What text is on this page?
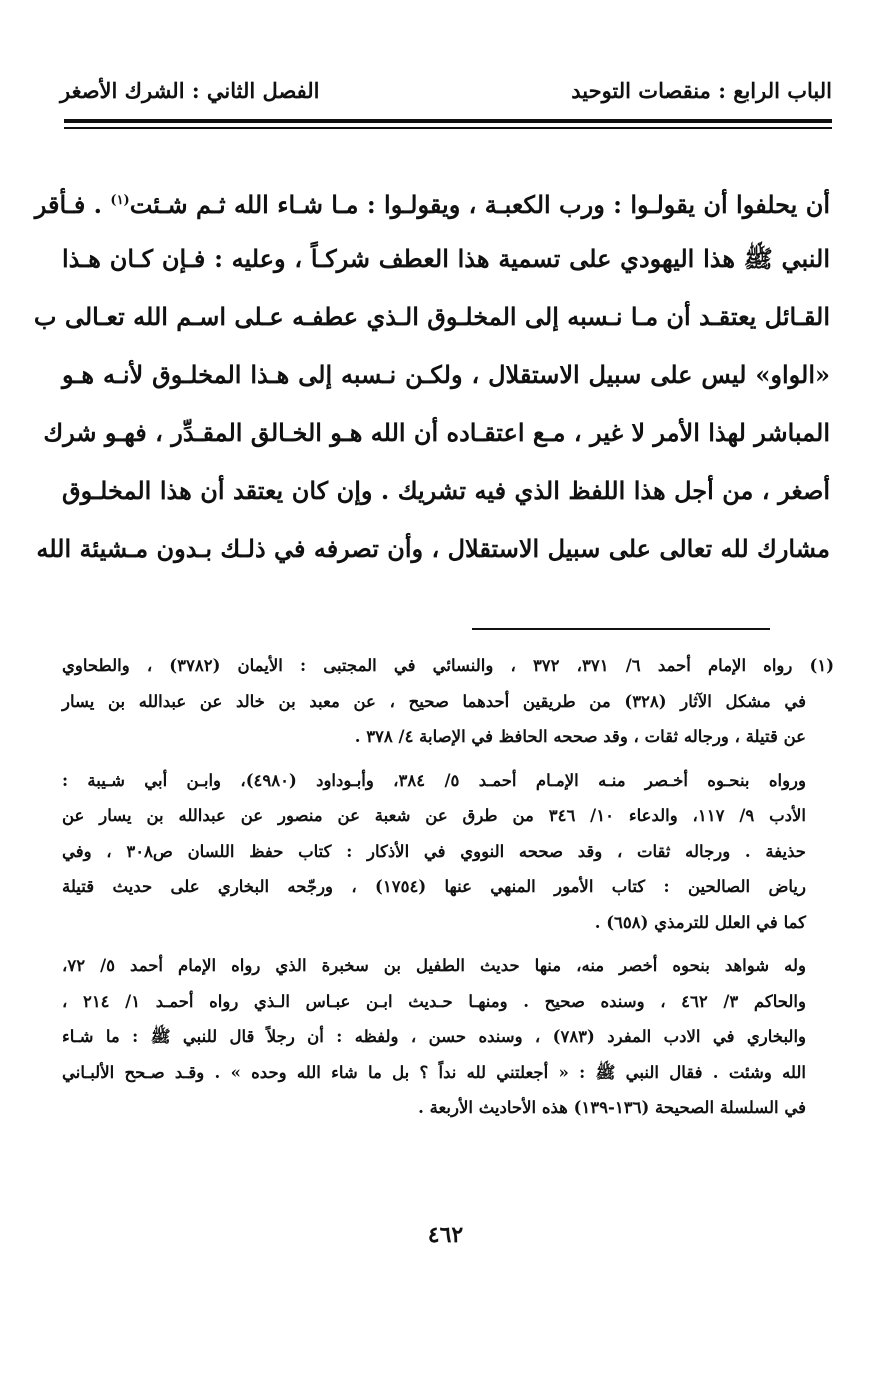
الباب الرابع : منقصات التوحيد
الفصل الثاني : الشرك الأصغر
أن يحلفوا أن يقولـوا : ورب الكعبـة ، ويقولـوا : مـا شـاء الله ثـم شـئت$^{(١)}$ . فـأقر
النبي ﷺ هذا اليهودي على تسمية هذا العطف شركـاً ، وعليه : فـإن كـان هـذا
القـائل يعتقـد أن مـا نـسبه إلى المخلـوق الـذي عطفـه عـلى اسـم الله تعـالى ب
«الواو» ليس على سبيل الاستقلال ، ولكـن نـسبه إلى هـذا المخلـوق لأنـه هـو
المباشر لهذا الأمر لا غير ، مـع اعتقـاده أن الله هـو الخـالق المقـدِّر ، فهـو شرك
أصغر ، من أجل هذا اللفظ الذي فيه تشريك . وإن كان يعتقد أن هذا المخلـوق
مشارك لله تعالى على سبيل الاستقلال ، وأن تصرفه في ذلـك بـدون مـشيئة الله
(١) رواه الإمام أحمد ٦/ ٣٧١، ٣٧٢ ، والنسائي في المجتبى : الأيمان (٣٧٨٢) ، والطحاوي
في مشكل الآثار (٣٢٨) من طريقين أحدهما صحيح ، عن معبد بن خالد عن عبدالله بن يسار
عن قتيلة ، ورجاله ثقات ، وقد صححه الحافظ في الإصابة ٤/ ٣٧٨ .
ورواه بنحـوه أخـصر منـه الإمـام أحمـد ٥/ ٣٨٤، وأبـوداود (٤٩٨٠)، وابـن أبي شـيبة :
الأدب ٩/ ١١٧، والدعاء ١٠/ ٣٤٦ من طرق عن شعبة عن منصور عن عبدالله بن يسار عن
حذيفة . ورجاله ثقات ، وقد صححه النووي في الأذكار : كتاب حفظ اللسان ص٣٠٨ ، وفي
رياض الصالحين : كتاب الأمور المنهي عنها (١٧٥٤) ، ورجّحه البخاري على حديث قتيلة
كما في العلل للترمذي (٦٥٨) .
وله شواهد بنحوه أخصر منه، منها حديث الطفيل بن سخبرة الذي رواه الإمام أحمد ٥/ ٧٢،
والحاكم ٣/ ٤٦٢ ، وسنده صحيح . ومنهـا حـديث ابـن عبـاس الـذي رواه أحمـد ١/ ٢١٤ ،
والبخاري في الادب المفرد (٧٨٣) ، وسنده حسن ، ولفظه : أن رجلاً قال للنبي ﷺ : ما شـاء
الله وشئت . فقال النبي ﷺ : « أجعلتني لله نداً ؟ بل ما شاء الله وحده » . وقـد صـحح الألبـاني
في السلسلة الصحيحة (١٣٦-١٣٩) هذه الأحاديث الأربعة .
٤٦٢
